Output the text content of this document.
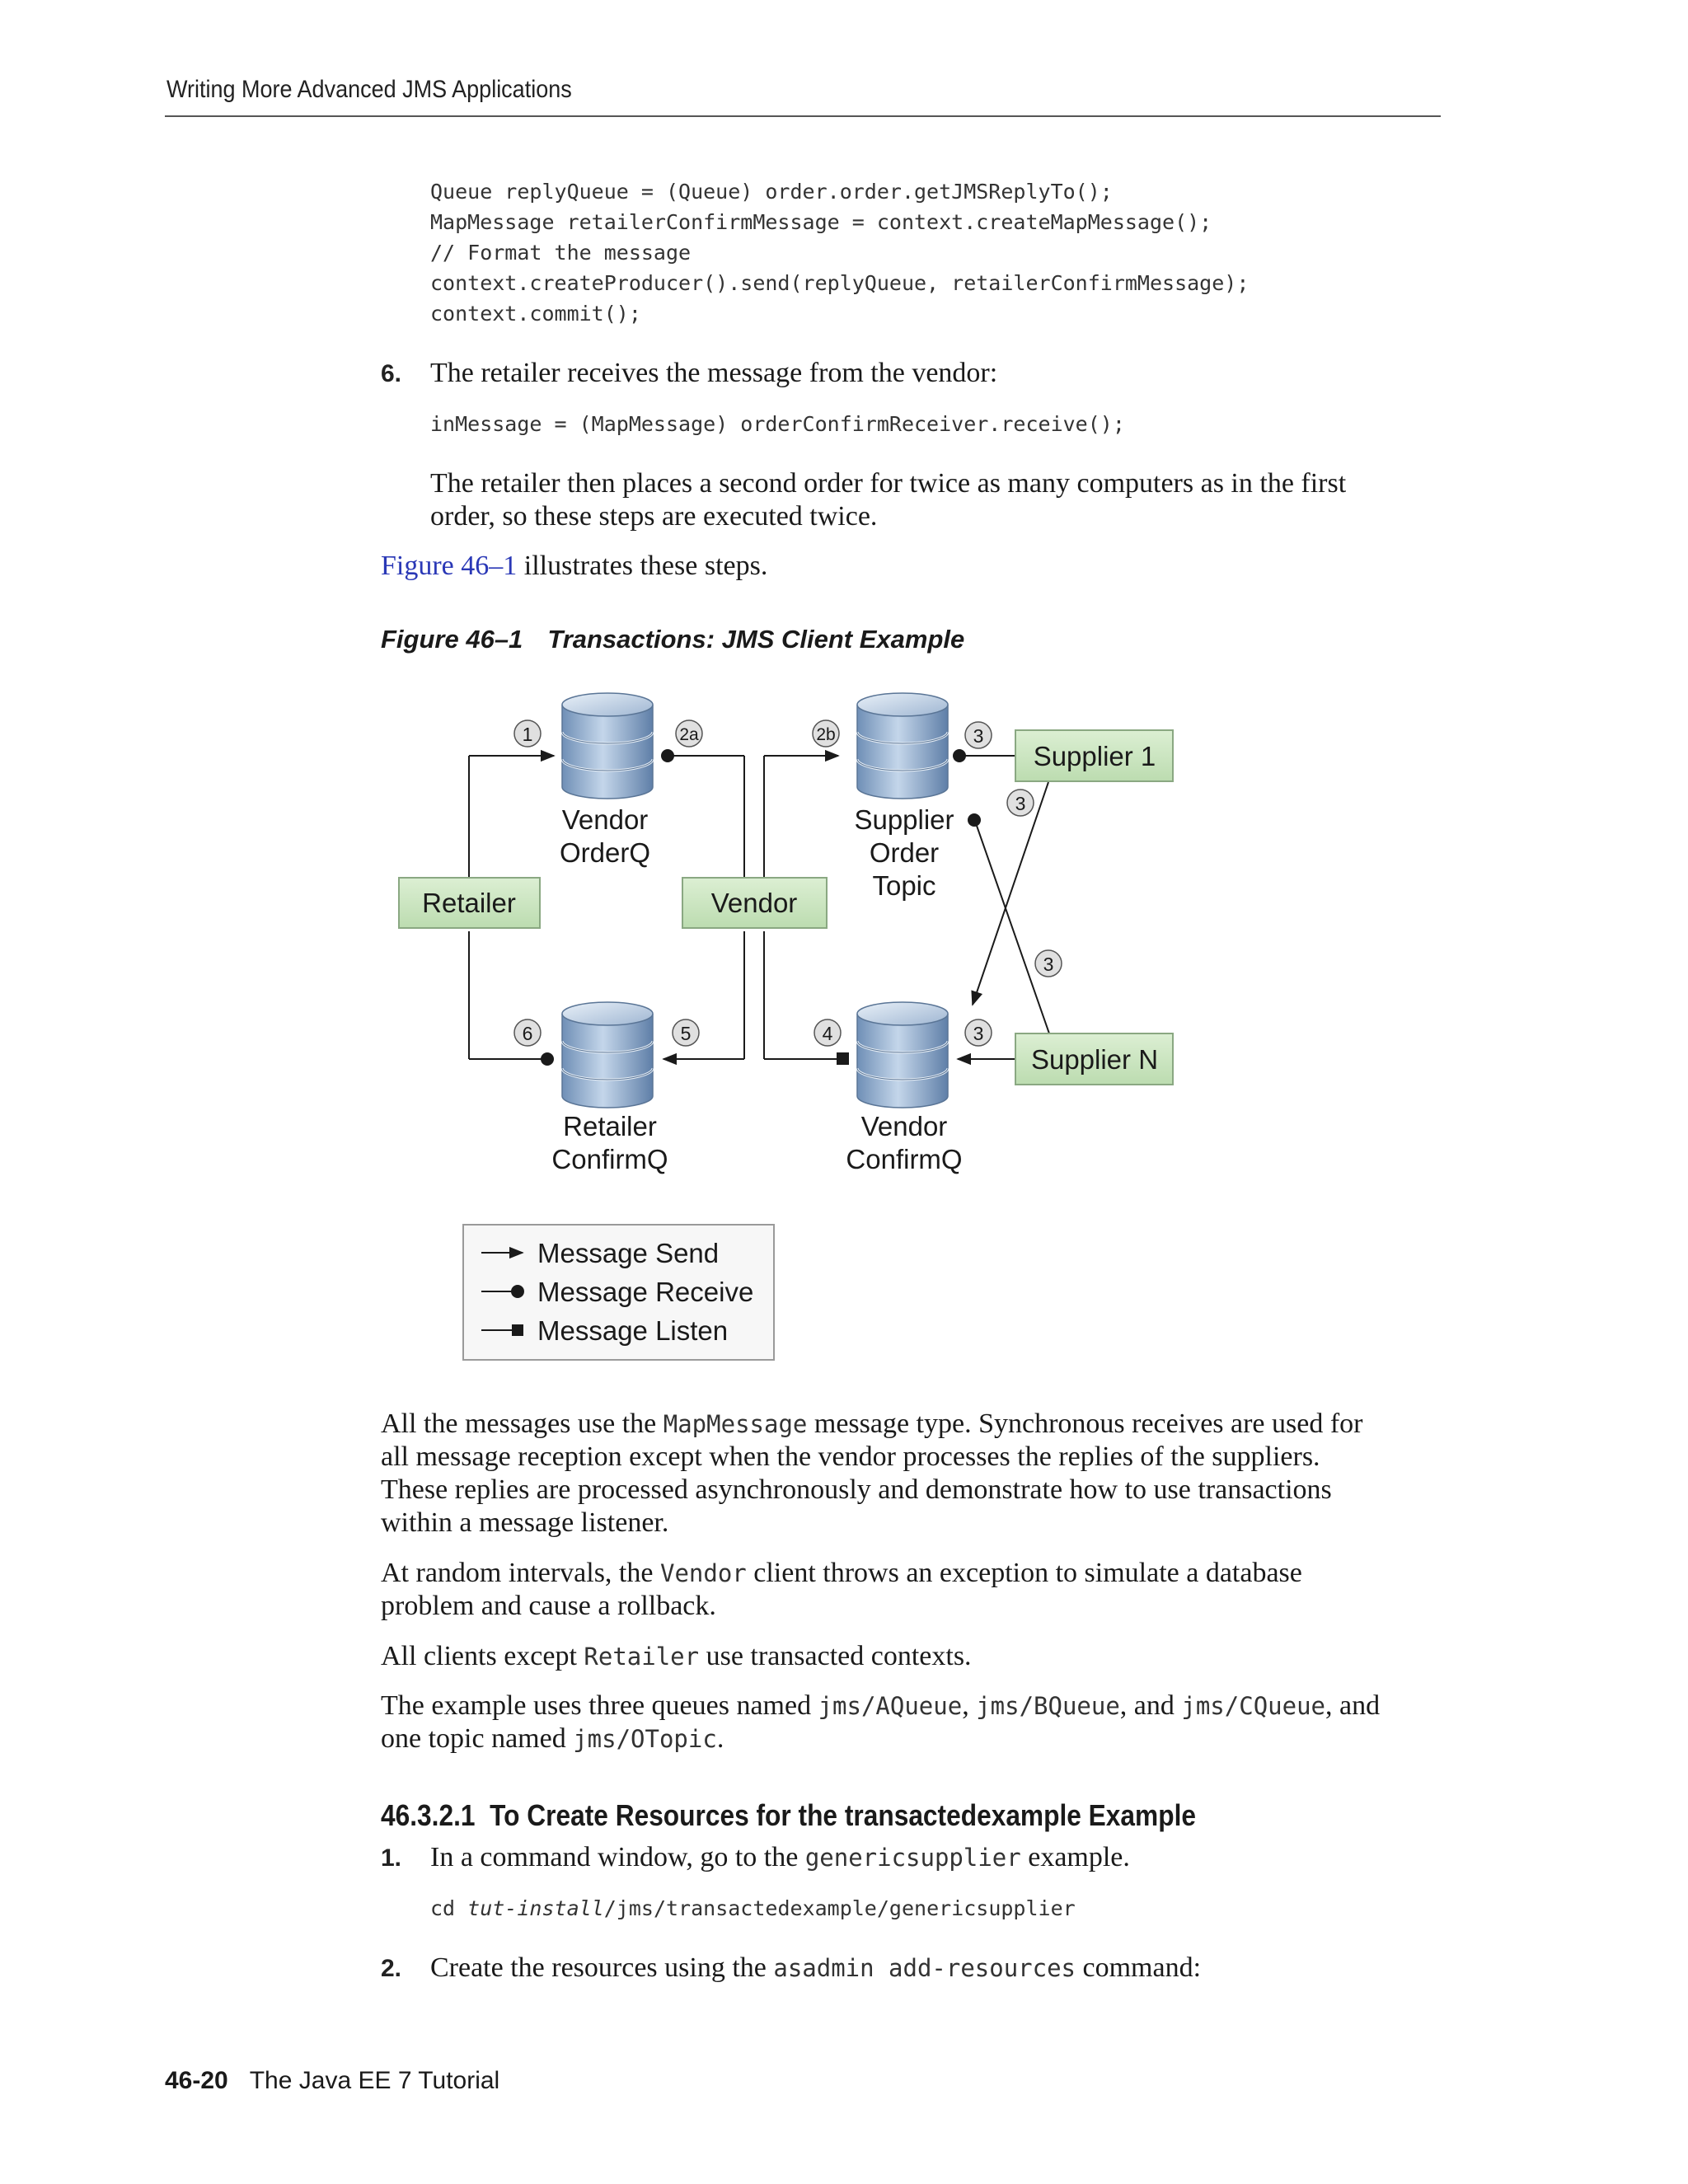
Writing More Advanced JMS Applications
Queue replyQueue = (Queue) order.order.getJMSReplyTo();
MapMessage retailerConfirmMessage = context.createMapMessage();
// Format the message
context.createProducer().send(replyQueue, retailerConfirmMessage);
context.commit();
6. The retailer receives the message from the vendor:
inMessage = (MapMessage) orderConfirmReceiver.receive();
The retailer then places a second order for twice as many computers as in the first
order, so these steps are executed twice.
Figure 46–1 illustrates these steps.
Figure 46–1 Transactions: JMS Client Example
Vendor
OrderQ
Supplier
Order
Topic
Retailer
ConfirmQ
Vendor
ConfirmQ
Retailer	Vendor
Supplier 1
Supplier N
1	2a	2b	3
3
3
3
4
5
6
Message Send
Message Receive
Message Listen
All the messages use the MapMessage message type. Synchronous receives are used for
all message reception except when the vendor processes the replies of the suppliers.
These replies are processed asynchronously and demonstrate how to use transactions
within a message listener.
At random intervals, the Vendor client throws an exception to simulate a database
problem and cause a rollback.
All clients except Retailer use transacted contexts.
The example uses three queues named jms/AQueue, jms/BQueue, and jms/CQueue, and
one topic named jms/OTopic.
46.3.2.1 To Create Resources for the transactedexample Example
1. In a command window, go to the genericsupplier example.
cd tut-install/jms/transactedexample/genericsupplier
2. Create the resources using the asadmin add-resources command:
46-20 The Java EE 7 Tutorial
